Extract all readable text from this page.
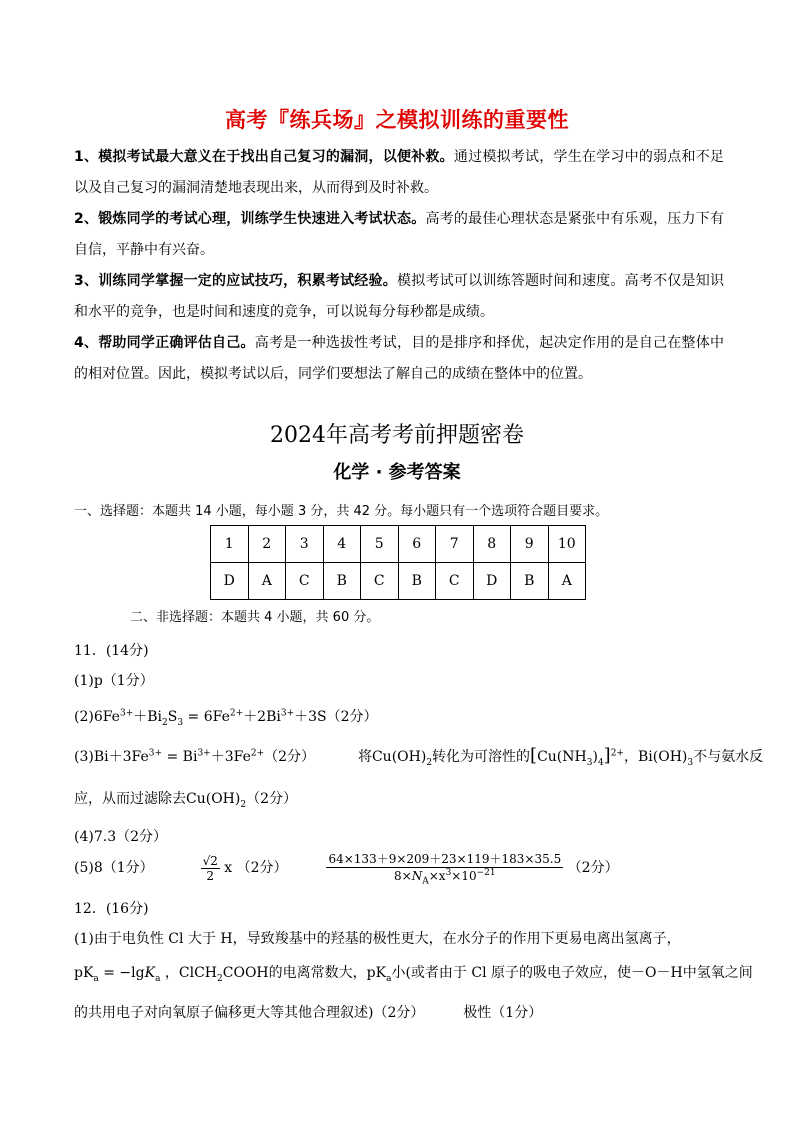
高考『练兵场』之模拟训练的重要性

1、模拟考试最大意义在于找出自己复习的漏洞，以便补救。通过模拟考试，学生在学习中的弱点和不足以及自己复习的漏洞清楚地表现出来，从而得到及时补救。

2、锻炼同学的考试心理，训练学生快速进入考试状态。高考的最佳心理状态是紧张中有乐观，压力下有自信，平静中有兴奋。

3、训练同学掌握一定的应试技巧，积累考试经验。模拟考试可以训练答题时间和速度。高考不仅是知识和水平的竞争，也是时间和速度的竞争，可以说每分每秒都是成绩。

4、帮助同学正确评估自己。高考是一种选拔性考试，目的是排序和择优，起决定作用的是自己在整体中的相对位置。因此，模拟考试以后，同学们要想法了解自己的成绩在整体中的位置。

2024年高考考前押题密卷
化学 · 参考答案
一、选择题：本题共 14 小题，每小题 3 分，共 42 分。每小题只有一个选项符合题目要求。
1	2	3	4	5	6	7	8	9	10
D	A	C	B	C	B	C	D	B	A
二、非选择题：本题共 4 小题，共 60 分。
11．(14分)
(1)p（1分）
$(2)6Fe^{3+}+Bi_2S_3 = 6Fe^{2+}+2Bi^{3+}+3S(2$分）
$(3)Bi+3Fe^{3+} = Bi^{3+}+3Fe^{2+}(2$分）	将$Cu(OH)_2$转化为可溶性的$[Cu(NH_3)_4]^{2+}$，$Bi(OH)_3$不与氨水反
应，从而过滤除去$Cu(OH)_2(2$分）
(4)7.3（2分）
(5)8（1分）	$\frac{√2}{2}$ x （2分）	$\frac{64\times 133+9\times 209+23\times 119+183\times 35.5}{8\times N_A\times x^3\times 10^{-21}} (2$分）
12．(16分)
(1)由于电负性 Cl 大于 H，导致羧基中的羟基的极性更大，在水分子的作用下更易电离出氢离子，
$pK_a = -\lg K_a$ ，ClCH$_2$COOH的电离常数大，$pK_a$小(或者由于 Cl 原子的吸电子效应，使－O－H中氢氧之间
的共用电子对向氧原子偏移更大等其他合理叙述)（2分）	极性（1分）
